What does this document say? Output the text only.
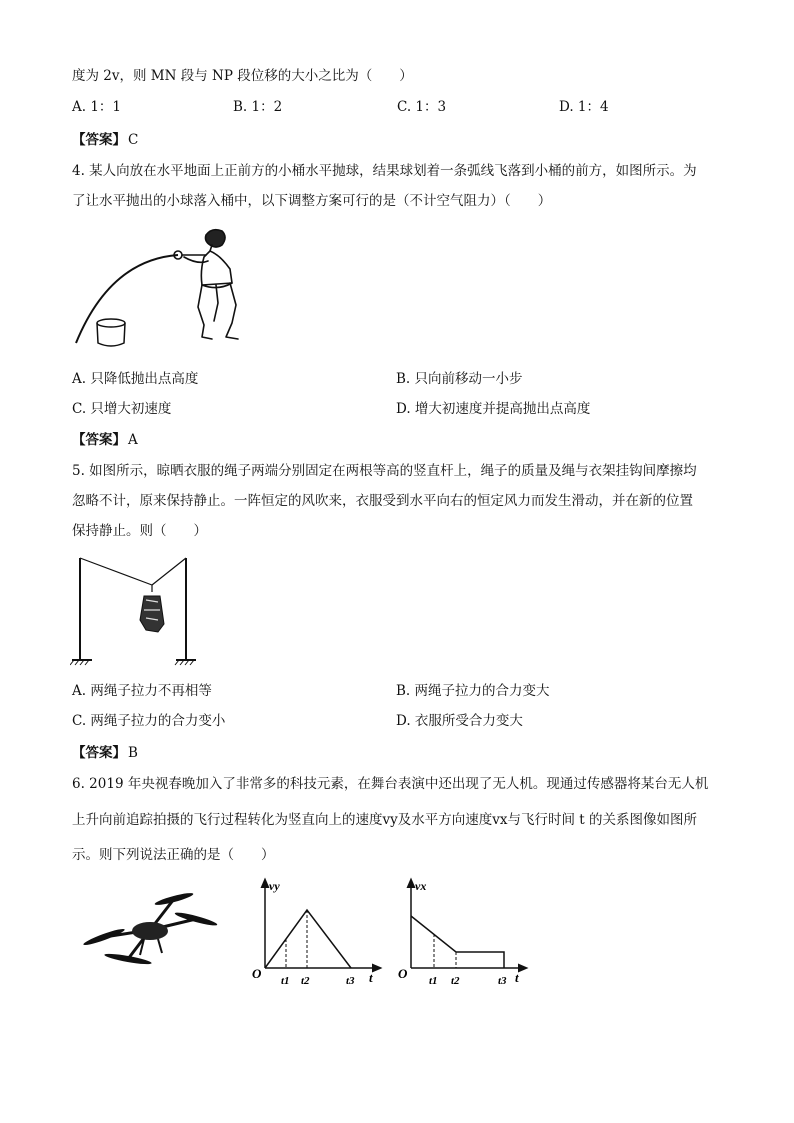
度为 2v，则 MN 段与 NP 段位移的大小之比为（　　）
A. 1：1	B. 1：2	C. 1：3	D. 1：4
【答案】 C
4. 某人向放在水平地面上正前方的小桶水平抛球，结果球划着一条弧线飞落到小桶的前方，如图所示。为
了让水平抛出的小球落入桶中，以下调整方案可行的是（不计空气阻力）（　　）
A. 只降低抛出点高度	B. 只向前移动一小步
C. 只增大初速度	D. 增大初速度并提高抛出点高度
【答案】 A
5. 如图所示，晾晒衣服的绳子两端分别固定在两根等高的竖直杆上，绳子的质量及绳与衣架挂钩间摩擦均
忽略不计，原来保持静止。一阵恒定的风吹来，衣服受到水平向右的恒定风力而发生滑动，并在新的位置
保持静止。则（　　）
A. 两绳子拉力不再相等	B. 两绳子拉力的合力变大
C. 两绳子拉力的合力变小	D. 衣服所受合力变大
【答案】 B
6. 2019 年央视春晚加入了非常多的科技元素，在舞台表演中还出现了无人机。现通过传感器将某台无人机
上升向前追踪拍摄的飞行过程转化为竖直向上的速度vy及水平方向速度vx与飞行时间 t 的关系图像如图所
示。则下列说法正确的是（　　）
vy
O	t
t1 t2	t3
vx
O	t
t1 t2	t3
